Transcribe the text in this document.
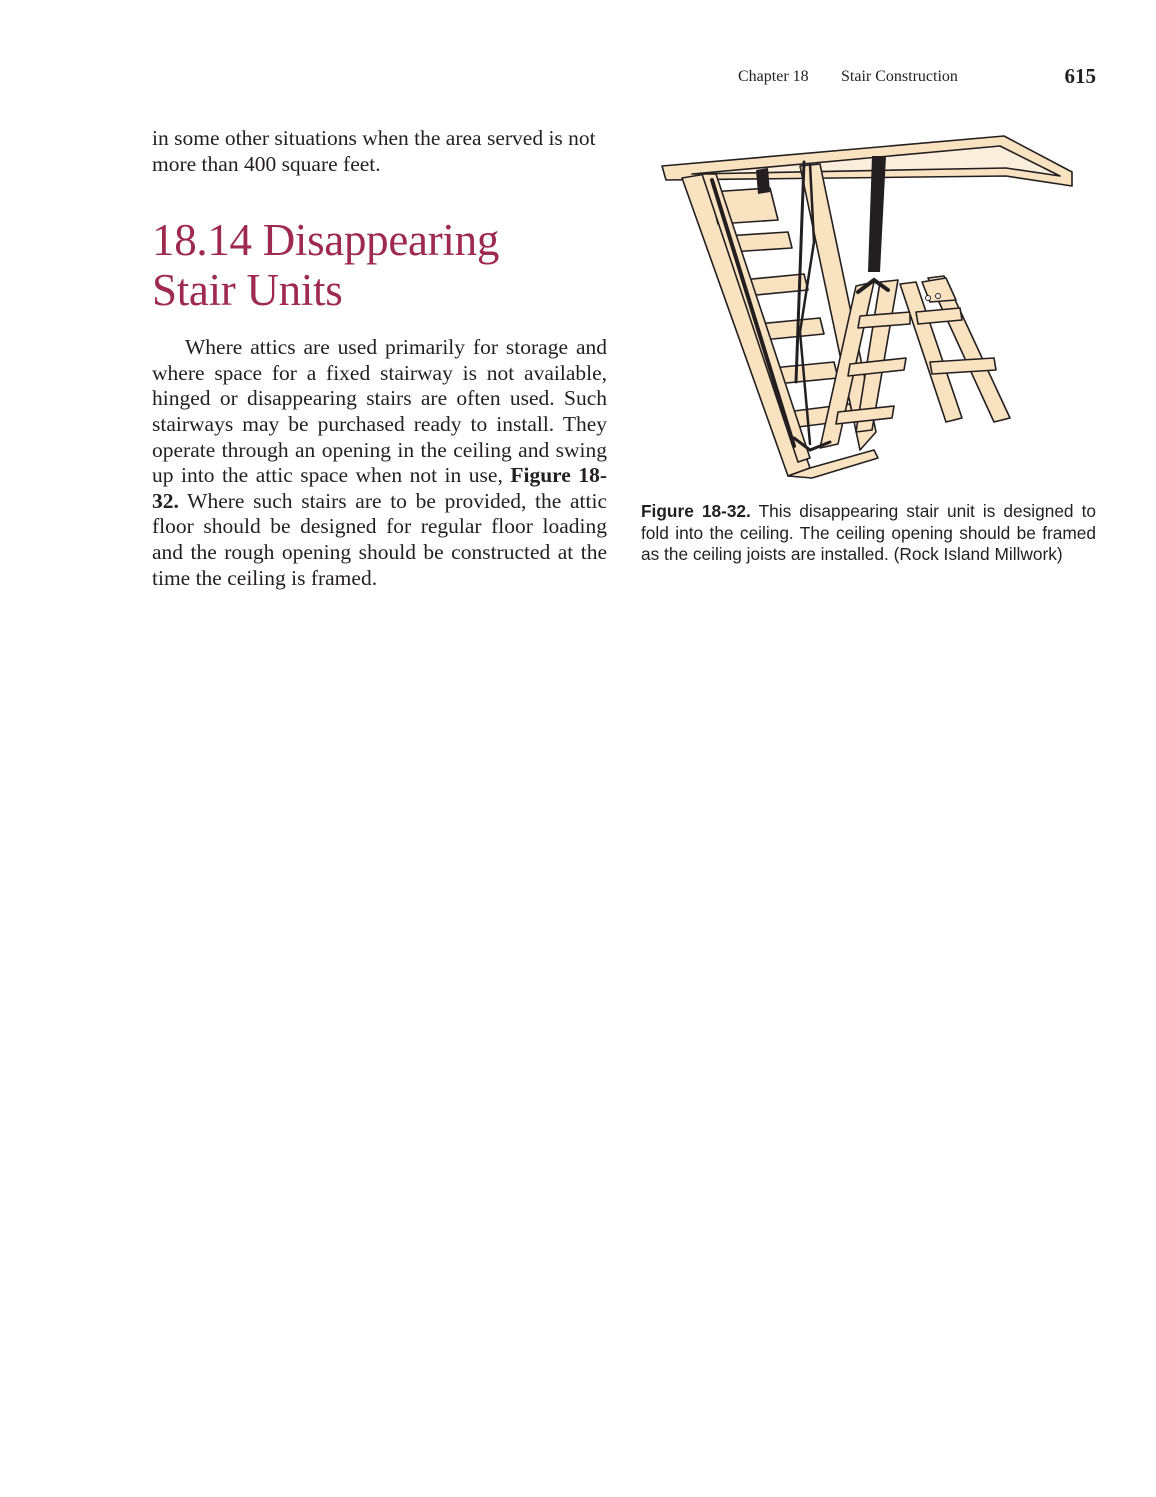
Chapter 18 Stair Construction	615

in some other situations when the area served is not more than 400 square feet.

18.14 Disappearing
Stair Units

Where attics are used primarily for storage and where space for a fixed stairway is not available, hinged or disappearing stairs are often used. Such stairways may be purchased ready to install. They operate through an opening in the ceiling and swing up into the attic space when not in use, Figure 18-32. Where such stairs are to be provided, the attic floor should be designed for regular floor loading and the rough opening should be constructed at the time the ceiling is framed.

Figure 18-32. This disappearing stair unit is designed to fold into the ceiling. The ceiling opening should be framed as the ceiling joists are installed. (Rock Island Millwork)
